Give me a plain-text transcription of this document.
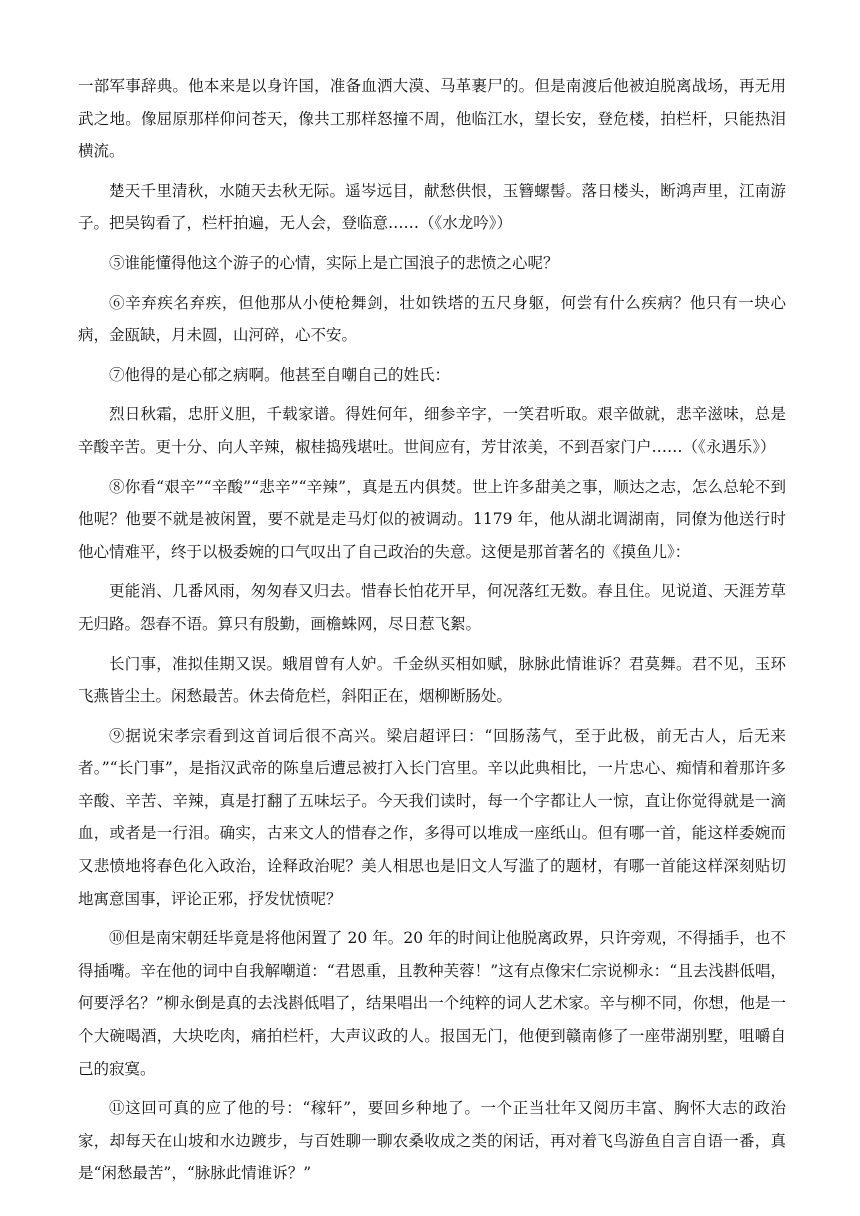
一部军事辞典。他本来是以身许国，准备血洒大漠、马革裹尸的。但是南渡后他被迫脱离战场，再无用武之地。像屈原那样仰问苍天，像共工那样怒撞不周，他临江水，望长安，登危楼，拍栏杆，只能热泪横流。

楚天千里清秋，水随天去秋无际。遥岑远目，献愁供恨，玉簪螺髻。落日楼头，断鸿声里，江南游子。把吴钩看了，栏杆拍遍，无人会，登临意……（《水龙吟》）

⑤谁能懂得他这个游子的心情，实际上是亡国浪子的悲愤之心呢？

⑥辛弃疾名弃疾，但他那从小使枪舞剑，壮如铁塔的五尺身躯，何尝有什么疾病？他只有一块心病，金瓯缺，月未圆，山河碎，心不安。

⑦他得的是心郁之病啊。他甚至自嘲自己的姓氏：

烈日秋霜，忠肝义胆，千载家谱。得姓何年，细参辛字，一笑君听取。艰辛做就，悲辛滋味，总是辛酸辛苦。更十分、向人辛辣，椒桂捣残堪吐。世间应有，芳甘浓美，不到吾家门户……（《永遇乐》）

⑧你看“艰辛”“辛酸”“悲辛”“辛辣”，真是五内俱焚。世上许多甜美之事，顺达之志，怎么总轮不到他呢？他要不就是被闲置，要不就是走马灯似的被调动。1179 年，他从湖北调湖南，同僚为他送行时他心情难平，终于以极委婉的口气叹出了自己政治的失意。这便是那首著名的《摸鱼儿》：

更能消、几番风雨，匆匆春又归去。惜春长怕花开早，何况落红无数。春且住。见说道、天涯芳草无归路。怨春不语。算只有殷勤，画檐蛛网，尽日惹飞絮。

长门事，准拟佳期又误。蛾眉曾有人妒。千金纵买相如赋，脉脉此情谁诉？君莫舞。君不见，玉环飞燕皆尘土。闲愁最苦。休去倚危栏，斜阳正在，烟柳断肠处。

⑨据说宋孝宗看到这首词后很不高兴。梁启超评曰：“回肠荡气，至于此极，前无古人，后无来者。”“长门事”，是指汉武帝的陈皇后遭忌被打入长门宫里。辛以此典相比，一片忠心、痴情和着那许多辛酸、辛苦、辛辣，真是打翻了五味坛子。今天我们读时，每一个字都让人一惊，直让你觉得就是一滴血，或者是一行泪。确实，古来文人的惜春之作，多得可以堆成一座纸山。但有哪一首，能这样委婉而又悲愤地将春色化入政治，诠释政治呢？美人相思也是旧文人写滥了的题材，有哪一首能这样深刻贴切地寓意国事，评论正邪，抒发忧愤呢？

⑩但是南宋朝廷毕竟是将他闲置了 20 年。20 年的时间让他脱离政界，只许旁观，不得插手，也不得插嘴。辛在他的词中自我解嘲道：“君恩重，且教种芙蓉！”这有点像宋仁宗说柳永：“且去浅斟低唱，何要浮名？”柳永倒是真的去浅斟低唱了，结果唱出一个纯粹的词人艺术家。辛与柳不同，你想，他是一个大碗喝酒，大块吃肉，痛拍栏杆，大声议政的人。报国无门，他便到赣南修了一座带湖别墅，咀嚼自己的寂寞。

⑪这回可真的应了他的号：“稼轩”，要回乡种地了。一个正当壮年又阅历丰富、胸怀大志的政治家，却每天在山坡和水边踱步，与百姓聊一聊农桑收成之类的闲话，再对着飞鸟游鱼自言自语一番，真是“闲愁最苦”，“脉脉此情谁诉？”
